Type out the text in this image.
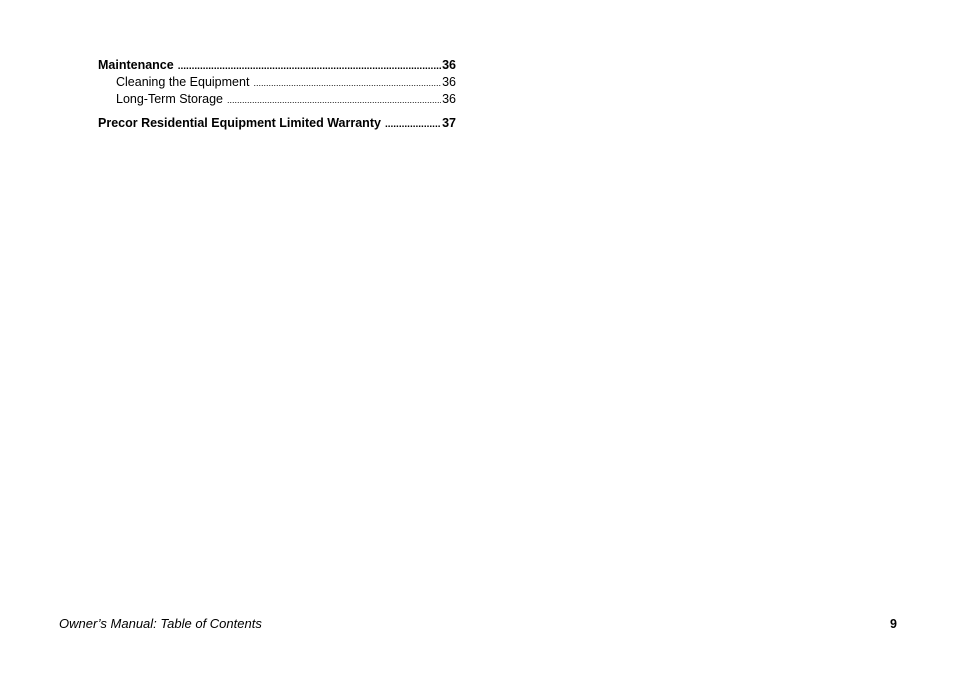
Maintenance .....	36
Cleaning the Equipment .....	36
Long-Term Storage .....	36
Precor Residential Equipment Limited Warranty .....	37
Owner’s Manual: Table of Contents	9
